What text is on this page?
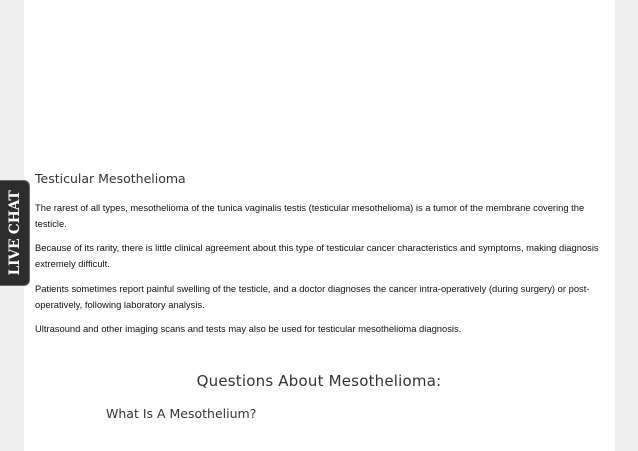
LIVE CHAT
Testicular Mesothelioma

The rarest of all types, mesothelioma of the tunica vaginalis testis (testicular mesothelioma) is a tumor of the membrane covering the testicle.

Because of its rarity, there is little clinical agreement about this type of testicular cancer characteristics and symptoms, making diagnosis extremely difficult.

Patients sometimes report painful swelling of the testicle, and a doctor diagnoses the cancer intra-operatively (during surgery) or post-operatively, following laboratory analysis.

Ultrasound and other imaging scans and tests may also be used for testicular mesothelioma diagnosis.

Questions About Mesothelioma:
What Is A Mesothelium?
